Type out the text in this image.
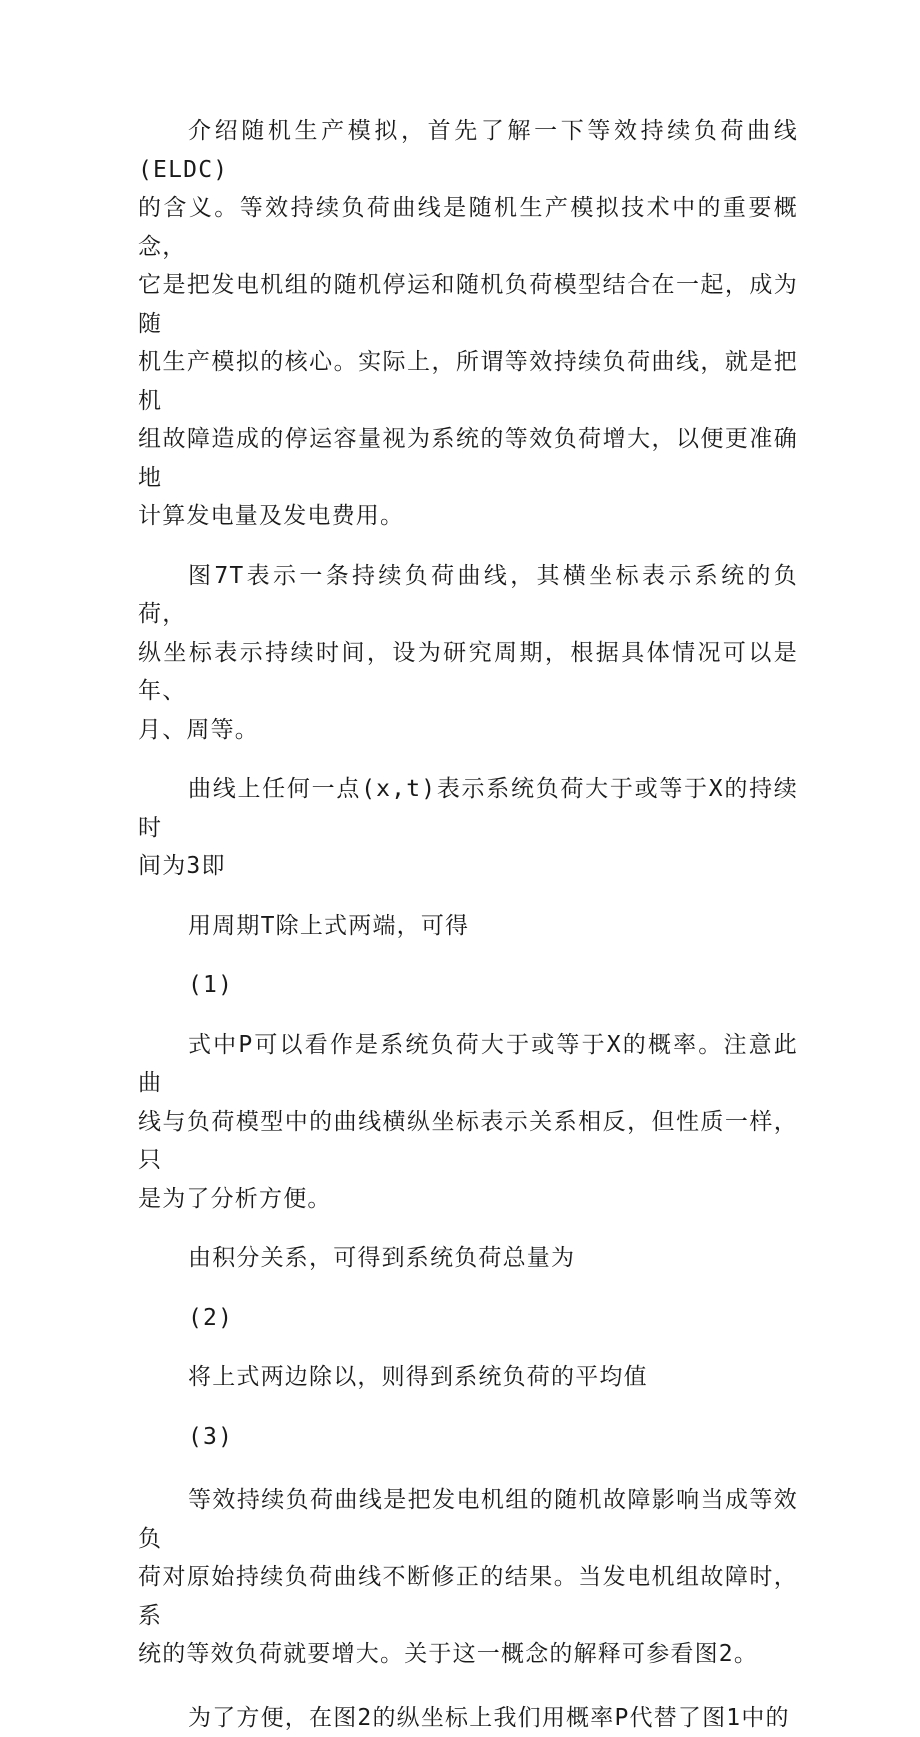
介绍随机生产模拟，首先了解一下等效持续负荷曲线(ELDC)
的含义。等效持续负荷曲线是随机生产模拟技术中的重要概念，
它是把发电机组的随机停运和随机负荷模型结合在一起，成为随
机生产模拟的核心。实际上，所谓等效持续负荷曲线，就是把机
组故障造成的停运容量视为系统的等效负荷增大，以便更准确地
计算发电量及发电费用。

图7T表示一条持续负荷曲线，其横坐标表示系统的负荷，
纵坐标表示持续时间，设为研究周期，根据具体情况可以是年、
月、周等。

曲线上任何一点(x,t)表示系统负荷大于或等于X的持续时
间为3即

用周期T除上式两端，可得

(1)

式中P可以看作是系统负荷大于或等于X的概率。注意此曲
线与负荷模型中的曲线横纵坐标表示关系相反，但性质一样，只
是为了分析方便。

由积分关系，可得到系统负荷总量为

(2)

将上式两边除以，则得到系统负荷的平均值

(3)

等效持续负荷曲线是把发电机组的随机故障影响当成等效负
荷对原始持续负荷曲线不断修正的结果。当发电机组故障时，系
统的等效负荷就要增大。关于这一概念的解释可参看图2。

为了方便，在图2的纵坐标上我们用概率P代替了图1中的
